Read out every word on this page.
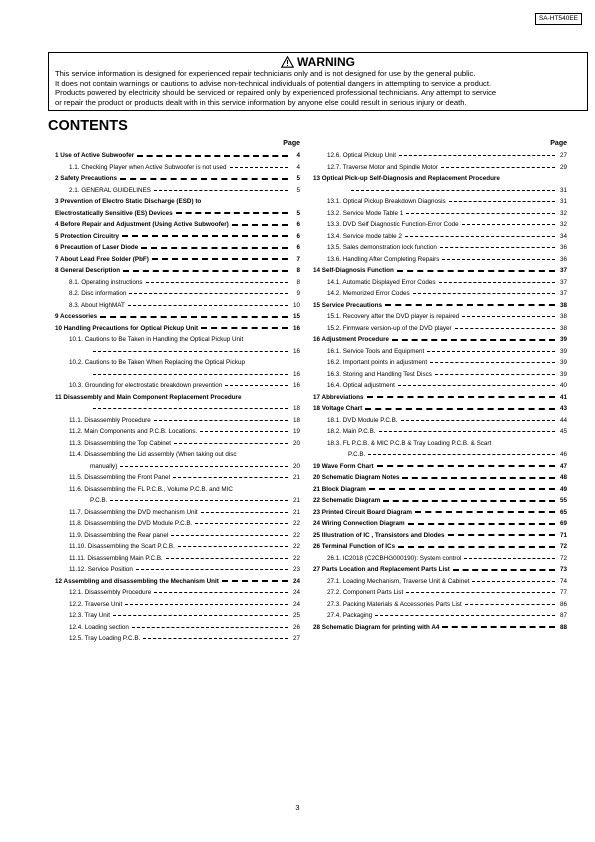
SA-HT540EE
WARNING
This service information is designed for experienced repair technicians only and is not designed for use by the general public.
It does not contain warnings or cautions to advise non-technical individuals of potential dangers in attempting to service a product.
Products powered by electricity should be serviced or repaired only by experienced professional technicians. Any attempt to service
or repair the product or products dealt with in this service information by anyone else could result in serious injury or death.
CONTENTS
Page
1 Use of Active Subwoofer	4
1.1. Checking Player when Active Subwoofer is not used	4
2 Safety Precautions	5
2.1. GENERAL GUIDELINES	5
3 Prevention of Electro Static Discharge (ESD) to
Electrostatically Sensitive (ES) Devices	5
4 Before Repair and Adjustment (Using Active Subwoofer)	6
5 Protection Circuitry	6
6 Precaution of Laser Diode	6
7 About Lead Free Solder (PbF)	7
8 General Description	8
8.1. Operating instructions	8
8.2. Disc information	9
8.3. About HighMAT	10
9 Accessories	15
10 Handling Precautions for Optical Pickup Unit	16
10.1. Cautions to Be Taken in Handling the Optical Pickup Unit
16
10.2. Cautions to Be Taken When Replacing the Optical Pickup
16
10.3. Grounding for electrostatic breakdown prevention	16
11 Disassembly and Main Component Replacement Procedure
18
11.1. Disassembly Procedure	18
11.2. Main Components and P.C.B. Locations.	19
11.3. Disassembling the Top Cabinet	20
11.4. Disassembling the Lid assembly (When taking out disc
manually)	20
11.5. Disassembling the Front Panel	21
11.6. Disassembling the FL P.C.B., Volume P.C.B. and MIC
P.C.B.	21
11.7. Disassembling the DVD mechanism Unit	21
11.8. Disassembling the DVD Module P.C.B.	22
11.9. Disassembling the Rear panel	22
11.10. Disassembling the Scart P.C.B.	22
11.11. Disassembling Main P.C.B.	22
11.12. Service Position	23
12 Assembling and disassembling the Mechanism Unit	24
12.1. Disassembly Procedure	24
12.2. Traverse Unit	24
12.3. Tray Unit	25
12.4. Loading section	26
12.5. Tray Loading P.C.B.	27
Page
12.6. Optical Pickup Unit	27
12.7. Traverse Motor and Spindle Motor	29
13 Optical Pick-up Self-Diagnosis and Replacement Procedure
31
13.1. Optical Pickup Breakdown Diagnosis	31
13.2. Service Mode Table 1	32
13.3. DVD Self Diagnostic Function-Error Code	32
13.4. Service mode table 2	34
13.5. Sales demonstration lock function	36
13.6. Handling After Completing Repairs	36
14 Self-Diagnosis Function	37
14.1. Automatic Displayed Error Codes	37
14.2. Memorized Error Codes	37
15 Service Precautions	38
15.1. Recovery after the DVD player is repaired	38
15.2. Firmware version-up of the DVD player	38
16 Adjustment Procedure	39
16.1. Service Tools and Equipment	39
16.2. Important points in adjustment	39
16.3. Storing and Handling Test Discs	39
16.4. Optical adjustment	40
17 Abbreviations	41
18 Voltage Chart	43
18.1. DVD Module P.C.B.	44
18.2. Main P.C.B.	45
18.3. FL P.C.B. & MIC P.C.B & Tray Loading P.C.B. & Scart
P.C.B.	46
19 Wave Form Chart	47
20 Schematic Diagram Notes	48
21 Block Diagram	49
22 Schematic Diagram	55
23 Printed Circuit Board Diagram	65
24 Wiring Connection Diagram	69
25 Illustration of IC , Transistors and Diodes	71
26 Terminal Function of ICs	72
26.1. IC2018 (C2CBHG000190): System control	72
27 Parts Location and Replacement Parts List	73
27.1. Loading Mechanism, Traverse Unit & Cabinet	74
27.2. Component Parts List	77
27.3. Packing Materials & Accessories Parts List	86
27.4. Packaging	87
28 Schematic Diagram for printing with A4	88
3
